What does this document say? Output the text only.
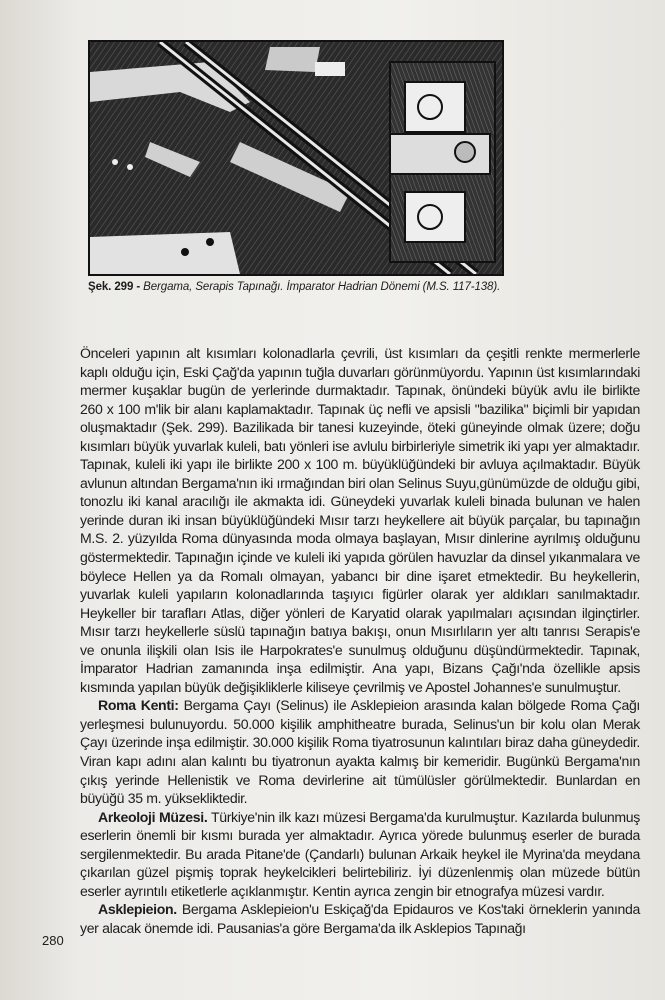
Şek. 299 - Bergama, Serapis Tapınağı. İmparator Hadrian Dönemi (M.S. 117-138).

Önceleri yapının alt kısımları kolonadlarla çevrili, üst kısımları da çeşitli renkte mermerlerle kaplı olduğu için, Eski Çağ'da yapının tuğla duvarları görünmüyordu. Yapının üst kısımlarındaki mermer kuşaklar bugün de yerlerinde durmaktadır. Tapınak, önündeki büyük avlu ile birlikte 260 x 100 m'lik bir alanı kaplamaktadır. Tapınak üç nefli ve apsisli "bazilika" biçimli bir yapıdan oluşmaktadır (Şek. 299). Bazilikada bir tanesi kuzeyinde, öteki güneyinde olmak üzere; doğu kısımları büyük yuvarlak kuleli, batı yönleri ise avlulu birbirleriyle simetrik iki yapı yer almaktadır. Tapınak, kuleli iki yapı ile birlikte 200 x 100 m. büyüklüğündeki bir avluya açılmaktadır. Büyük avlunun altından Bergama'nın iki ırmağından biri olan Selinus Suyu,günümüzde de olduğu gibi, tonozlu iki kanal aracılığı ile akmakta idi. Güneydeki yuvarlak kuleli binada bulunan ve halen yerinde duran iki insan büyüklüğündeki Mısır tarzı heykellere ait büyük parçalar, bu tapınağın M.S. 2. yüzyılda Roma dünyasında moda olmaya başlayan, Mısır dinlerine ayrılmış olduğunu göstermektedir. Tapınağın içinde ve kuleli iki yapıda görülen havuzlar da dinsel yıkanmalara ve böylece Hellen ya da Romalı olmayan, yabancı bir dine işaret etmektedir. Bu heykellerin, yuvarlak kuleli yapıların kolonadlarında taşıyıcı figürler olarak yer aldıkları sanılmaktadır. Heykeller bir tarafları Atlas, diğer yönleri de Karyatid olarak yapılmaları açısından ilginçtirler. Mısır tarzı heykellerle süslü tapınağın batıya bakışı, onun Mısırlıların yer altı tanrısı Serapis'e ve onunla ilişkili olan Isis ile Harpokrates'e sunulmuş olduğunu düşündürmektedir. Tapınak, İmparator Hadrian zamanında inşa edilmiştir. Ana yapı, Bizans Çağı'nda özellikle apsis kısmında yapılan büyük değişikliklerle kiliseye çevrilmiş ve Apostel Johannes'e sunulmuştur.

Roma Kenti: Bergama Çayı (Selinus) ile Asklepieion arasında kalan bölgede Roma Çağı yerleşmesi bulunuyordu. 50.000 kişilik amphitheatre burada, Selinus'un bir kolu olan Merak Çayı üzerinde inşa edilmiştir. 30.000 kişilik Roma tiyatrosunun kalıntıları biraz daha güneydedir. Viran kapı adını alan kalıntı bu tiyatronun ayakta kalmış bir kemeridir. Bugünkü Bergama'nın çıkış yerinde Hellenistik ve Roma devirlerine ait tümülüsler görülmektedir. Bunlardan en büyüğü 35 m. yüksekliktedir.

Arkeoloji Müzesi. Türkiye'nin ilk kazı müzesi Bergama'da kurulmuştur. Kazılarda bulunmuş eserlerin önemli bir kısmı burada yer almaktadır. Ayrıca yörede bulunmuş eserler de burada sergilenmektedir. Bu arada Pitane'de (Çandarlı) bulunan Arkaik heykel ile Myrina'da meydana çıkarılan güzel pişmiş toprak heykelcikleri belirtebiliriz. İyi düzenlenmiş olan müzede bütün eserler ayrıntılı etiketlerle açıklanmıştır. Kentin ayrıca zengin bir etnografya müzesi vardır.

Asklepieion. Bergama Asklepieion'u Eskiçağ'da Epidauros ve Kos'taki örneklerin yanında yer alacak önemde idi. Pausanias'a göre Bergama'da ilk Asklepios Tapınağı

280
